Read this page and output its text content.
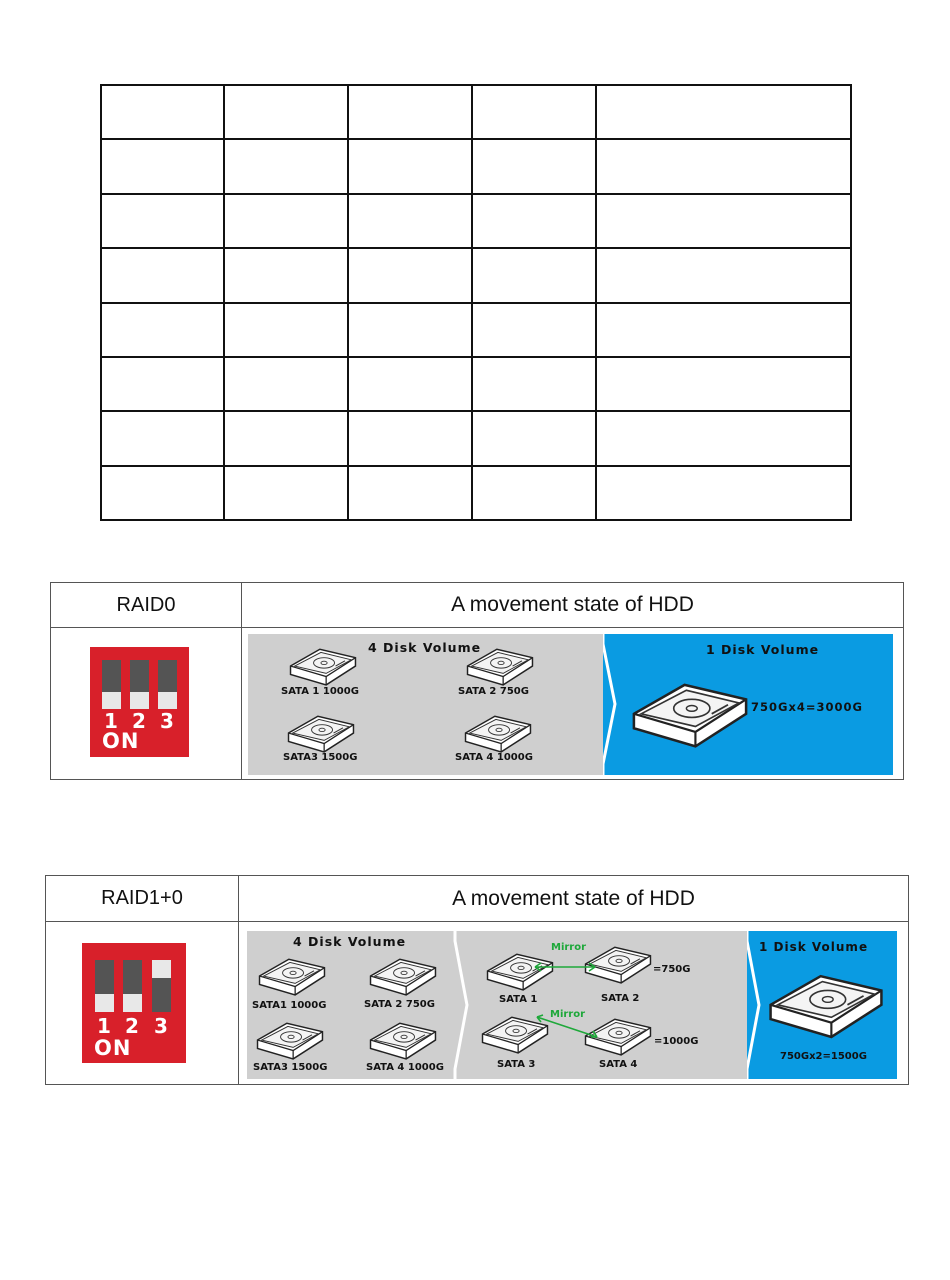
RAID0	A movement state of HDD
1 2 3
ON
4 Disk Volume	1 Disk Volume
SATA 1 1000G	SATA 2 750G
SATA3 1500G	SATA 4 1000G
750Gx4=3000G
RAID1+0	A movement state of HDD
1 2 3
ON
4 Disk Volume	1 Disk Volume
SATA1 1000G	SATA 2 750G
SATA3 1500G	SATA 4 1000G
Mirror
Mirror
SATA 1	SATA 2
SATA 3	SATA 4
=750G
=1000G
750Gx2=1500G
